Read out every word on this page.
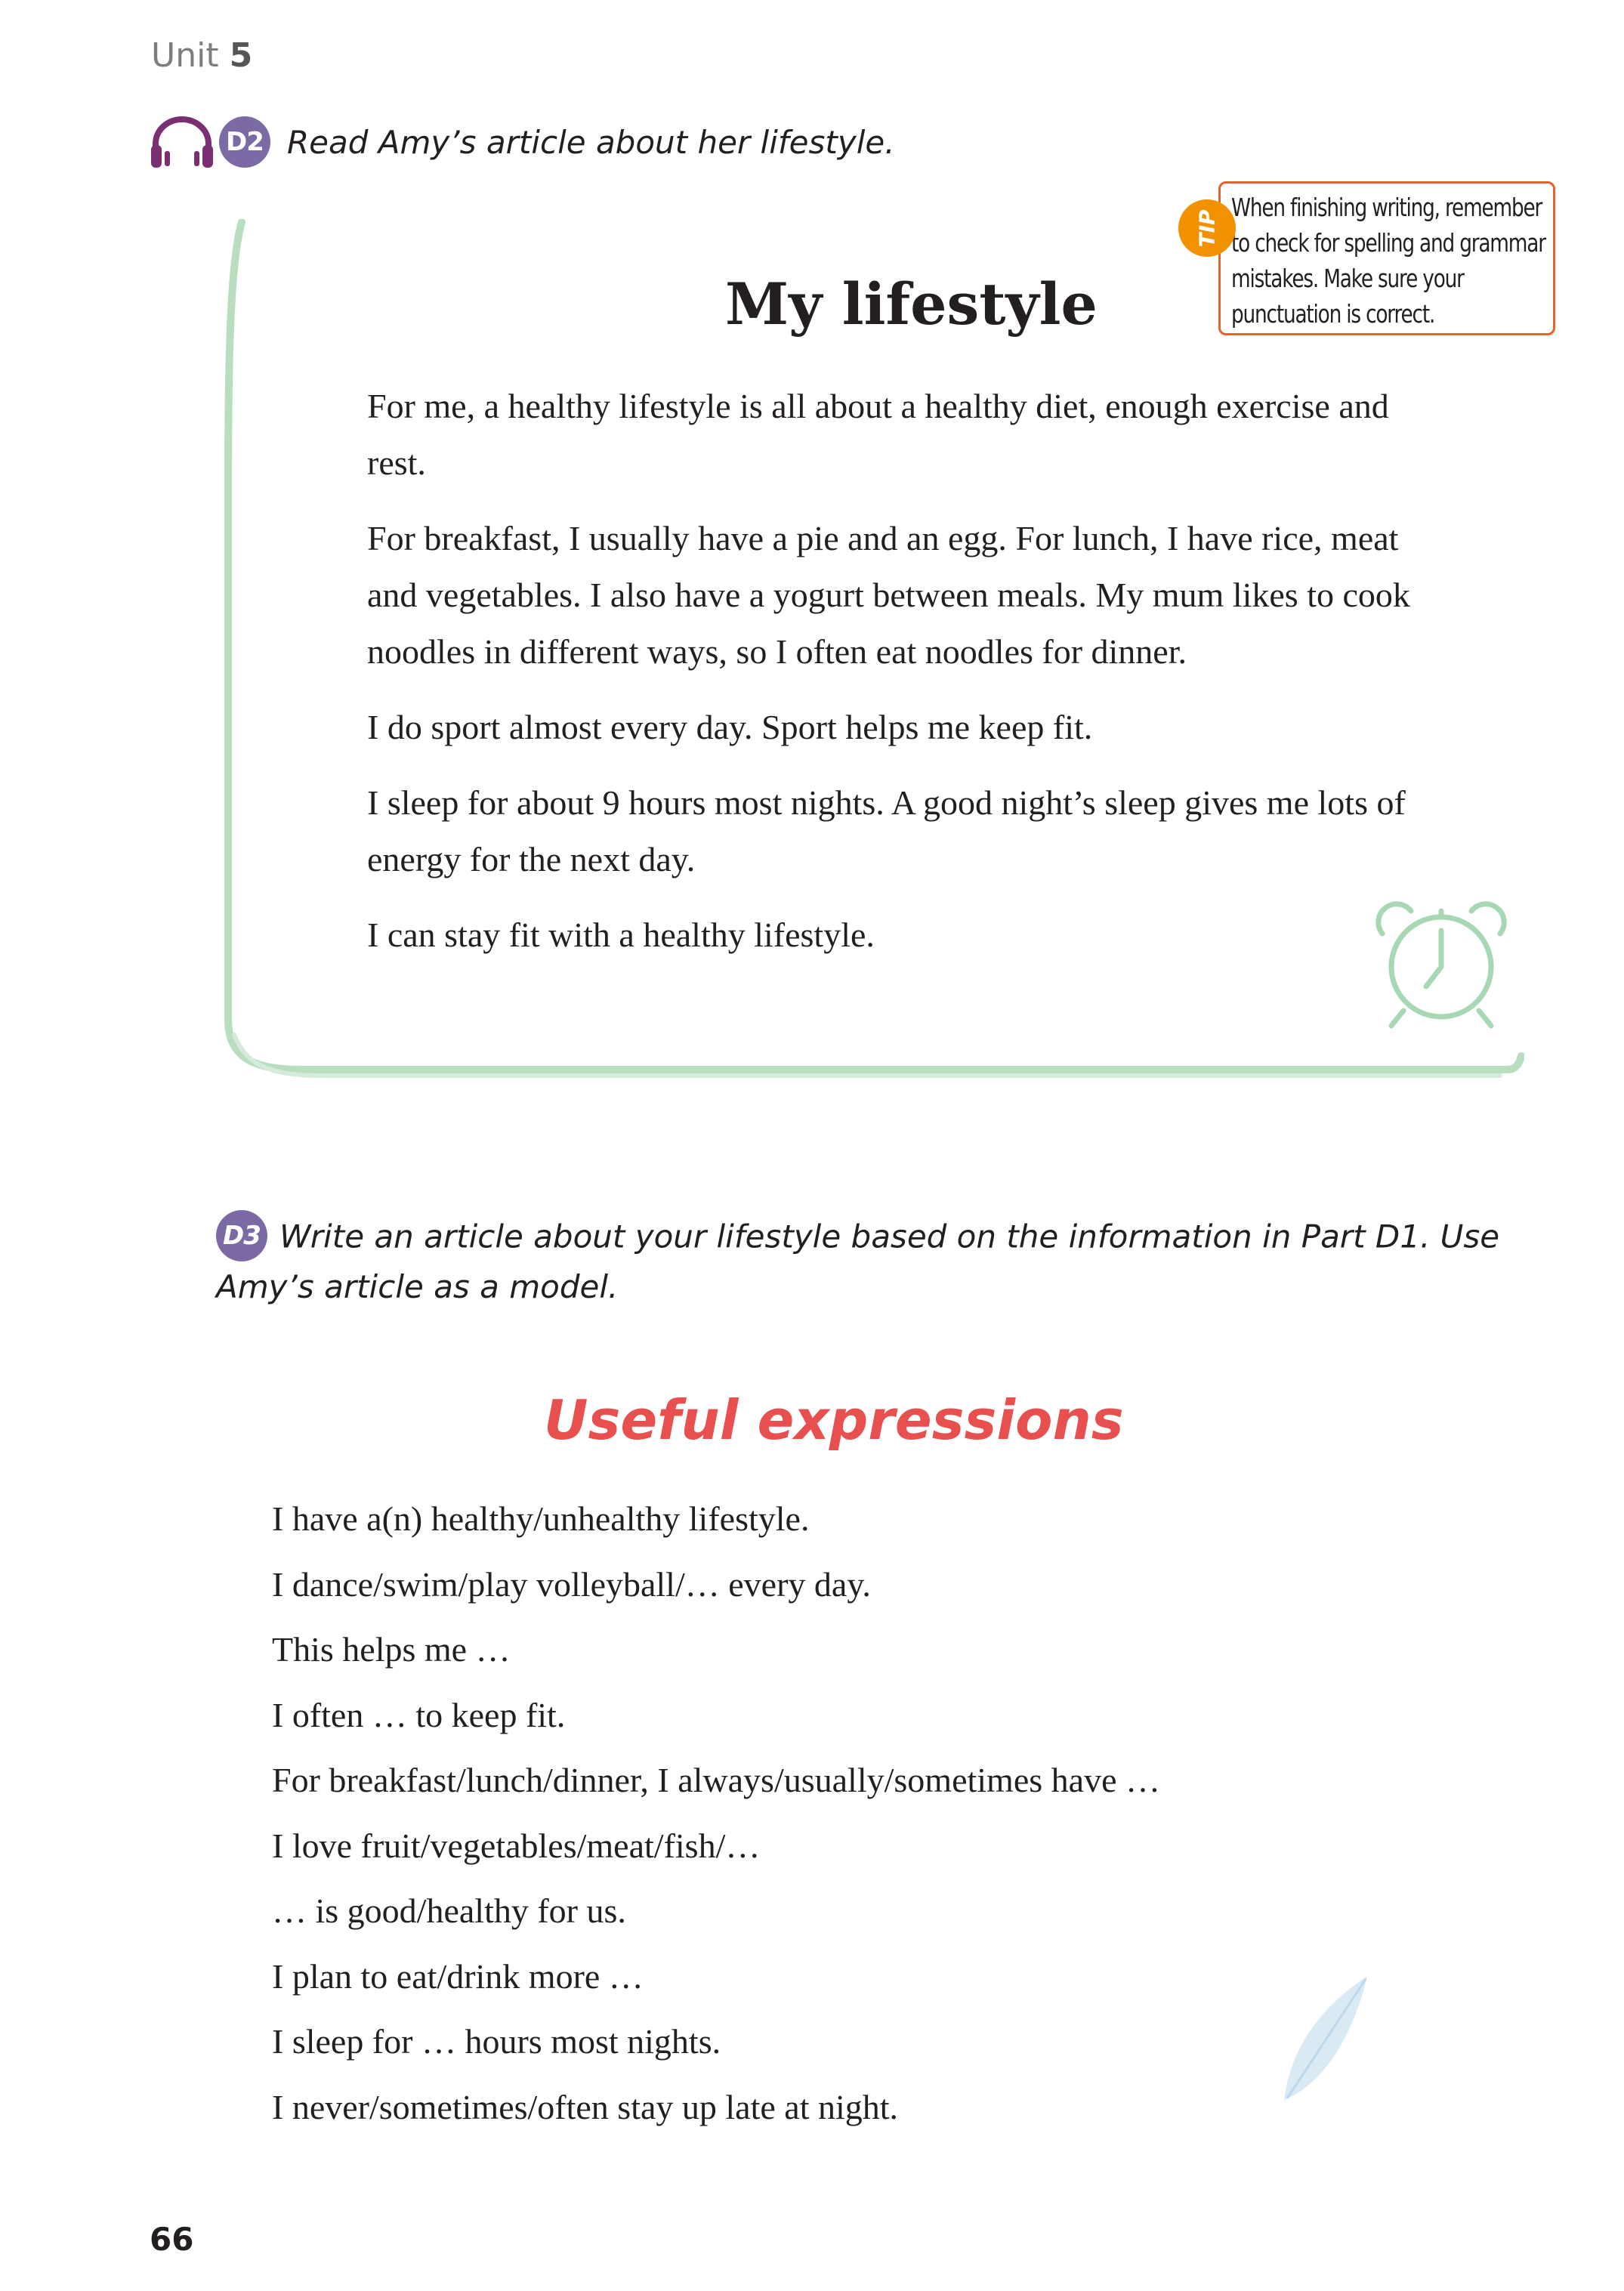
Unit 5
D2 Read Amy’s article about her lifestyle.
My lifestyle

For me, a healthy lifestyle is all about a healthy diet, enough exercise and rest.

For breakfast, I usually have a pie and an egg. For lunch, I have rice, meat and vegetables. I also have a yogurt between meals. My mum likes to cook noodles in different ways, so I often eat noodles for dinner.

I do sport almost every day. Sport helps me keep fit.

I sleep for about 9 hours most nights. A good night’s sleep gives me lots of energy for the next day.

I can stay fit with a healthy lifestyle.

When finishing writing, remember
to check for spelling and grammar
mistakes. Make sure your
punctuation is correct.
TIP
D3 Write an article about your lifestyle based on the information in Part D1. Use Amy’s article as a model.
Useful expressions
I have a(n) healthy/unhealthy lifestyle.
I dance/swim/play volleyball/… every day.
This helps me …
I often … to keep fit.
For breakfast/lunch/dinner, I always/usually/sometimes have …
I love fruit/vegetables/meat/fish/…
… is good/healthy for us.
I plan to eat/drink more …
I sleep for … hours most nights.
I never/sometimes/often stay up late at night.
66
